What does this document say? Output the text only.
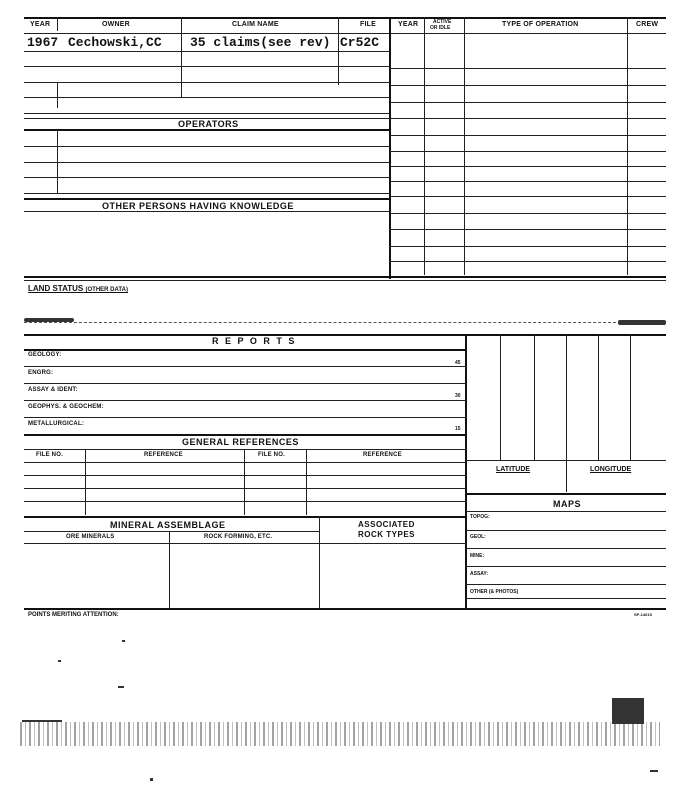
YEAR	OWNER	CLAIM NAME	FILE	YEAR	ACTIVE
OR IDLE	TYPE OF OPERATION	CREW
1967 Cechowski,CC 35 claims(see rev) Cr52C
OPERATORS
OTHER PERSONS HAVING KNOWLEDGE
LAND STATUS (OTHER DATA)
R E P O R T S
GEOLOGY:
ENGRG:
ASSAY & IDENT:
GEOPHYS. & GEOCHEM:
METALLURGICAL:
45
30
15
GENERAL REFERENCES
FILE NO.	REFERENCE	FILE NO.	REFERENCE
MINERAL ASSEMBLAGE	ASSOCIATED
ROCK TYPES
ORE MINERALS	ROCK FORMING, ETC.
LATITUDE	LONGITUDE
MAPS
TOPOG:
GEOL:
MINE:
ASSAY:
OTHER (& PHOTOS)
POINTS MERITING ATTENTION:	SP-14615
